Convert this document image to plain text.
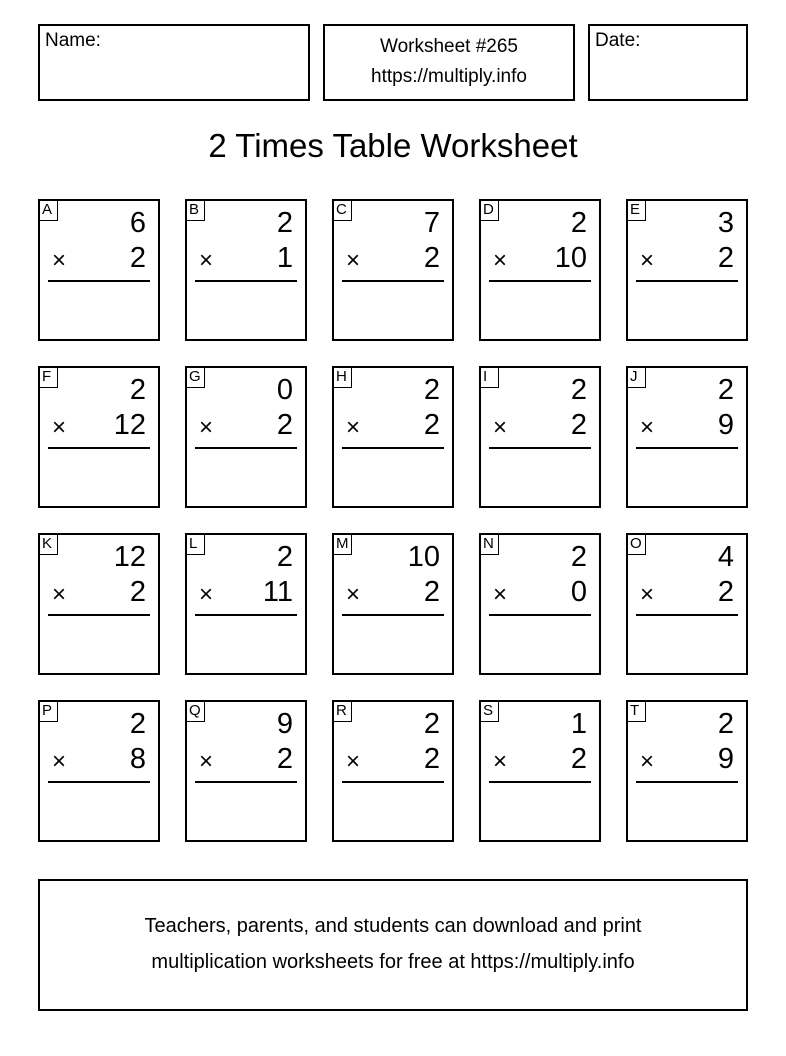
Name:	Worksheet #265
https://multiply.info
Date:
2 Times Table Worksheet
A	6
× 2
B	2
× 1
C	7
× 2
D	2
× 10
E	3
× 2
F	2
× 12
G	0
× 2
H	2
× 2
I	2
× 2
J	2
× 9
K 12
× 2
L	2
× 11
M 10
× 2
N	2
× 0
O	4
× 2
P	2
× 8
Q	9
× 2
R	2
× 2
S	1
× 2
T	2
× 9
Teachers, parents, and students can download and print
multiplication worksheets for free at https://multiply.info
